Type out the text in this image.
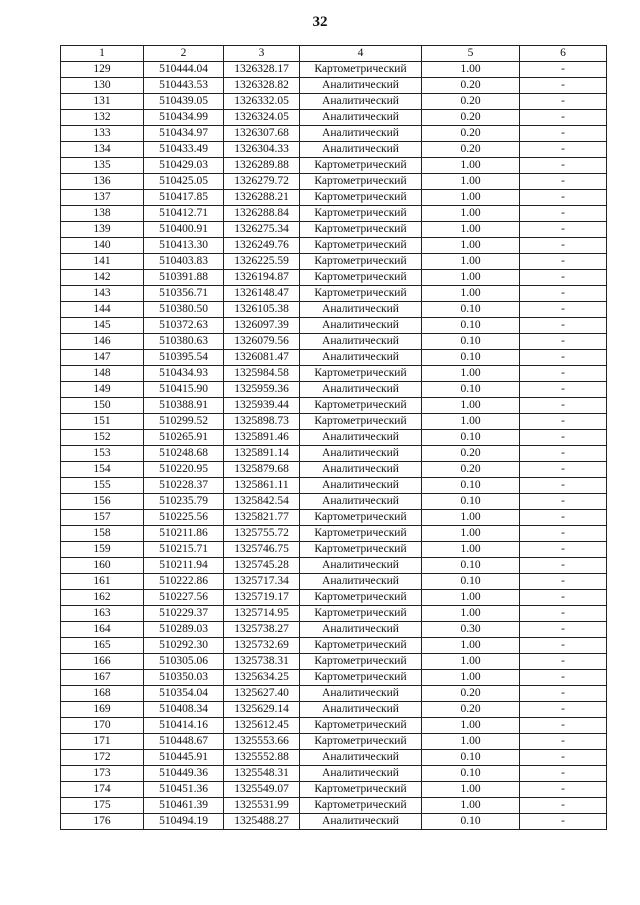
32
1	2	3	4	5	6
129	510444.04	1326328.17	Картометрический	1.00	-
130	510443.53	1326328.82	Аналитический	0.20	-
131	510439.05	1326332.05	Аналитический	0.20	-
132	510434.99	1326324.05	Аналитический	0.20	-
133	510434.97	1326307.68	Аналитический	0.20	-
134	510433.49	1326304.33	Аналитический	0.20	-
135	510429.03	1326289.88	Картометрический	1.00	-
136	510425.05	1326279.72	Картометрический	1.00	-
137	510417.85	1326288.21	Картометрический	1.00	-
138	510412.71	1326288.84	Картометрический	1.00	-
139	510400.91	1326275.34	Картометрический	1.00	-
140	510413.30	1326249.76	Картометрический	1.00	-
141	510403.83	1326225.59	Картометрический	1.00	-
142	510391.88	1326194.87	Картометрический	1.00	-
143	510356.71	1326148.47	Картометрический	1.00	-
144	510380.50	1326105.38	Аналитический	0.10	-
145	510372.63	1326097.39	Аналитический	0.10	-
146	510380.63	1326079.56	Аналитический	0.10	-
147	510395.54	1326081.47	Аналитический	0.10	-
148	510434.93	1325984.58	Картометрический	1.00	-
149	510415.90	1325959.36	Аналитический	0.10	-
150	510388.91	1325939.44	Картометрический	1.00	-
151	510299.52	1325898.73	Картометрический	1.00	-
152	510265.91	1325891.46	Аналитический	0.10	-
153	510248.68	1325891.14	Аналитический	0.20	-
154	510220.95	1325879.68	Аналитический	0.20	-
155	510228.37	1325861.11	Аналитический	0.10	-
156	510235.79	1325842.54	Аналитический	0.10	-
157	510225.56	1325821.77	Картометрический	1.00	-
158	510211.86	1325755.72	Картометрический	1.00	-
159	510215.71	1325746.75	Картометрический	1.00	-
160	510211.94	1325745.28	Аналитический	0.10	-
161	510222.86	1325717.34	Аналитический	0.10	-
162	510227.56	1325719.17	Картометрический	1.00	-
163	510229.37	1325714.95	Картометрический	1.00	-
164	510289.03	1325738.27	Аналитический	0.30	-
165	510292.30	1325732.69	Картометрический	1.00	-
166	510305.06	1325738.31	Картометрический	1.00	-
167	510350.03	1325634.25	Картометрический	1.00	-
168	510354.04	1325627.40	Аналитический	0.20	-
169	510408.34	1325629.14	Аналитический	0.20	-
170	510414.16	1325612.45	Картометрический	1.00	-
171	510448.67	1325553.66	Картометрический	1.00	-
172	510445.91	1325552.88	Аналитический	0.10	-
173	510449.36	1325548.31	Аналитический	0.10	-
174	510451.36	1325549.07	Картометрический	1.00	-
175	510461.39	1325531.99	Картометрический	1.00	-
176	510494.19	1325488.27	Аналитический	0.10	-
